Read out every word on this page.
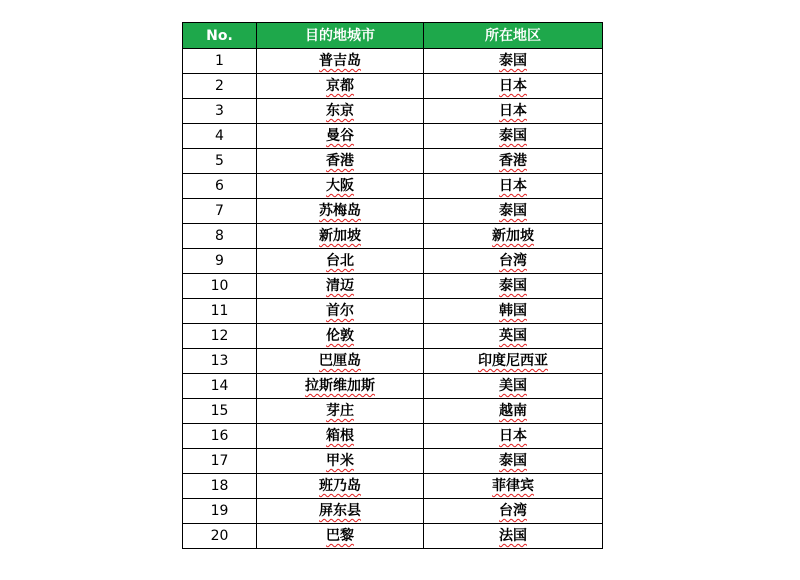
No.	目的地城市	所在地区
1	普吉岛	泰国
2	京都	日本
3	东京	日本
4	曼谷	泰国
5	香港	香港
6	大阪	日本
7	苏梅岛	泰国
8	新加坡	新加坡
9	台北	台湾
10	清迈	泰国
11	首尔	韩国
12	伦敦	英国
13	巴厘岛	印度尼西亚
14	拉斯维加斯	美国
15	芽庄	越南
16	箱根	日本
17	甲米	泰国
18	班乃岛	菲律宾
19	屏东县	台湾
20	巴黎	法国
